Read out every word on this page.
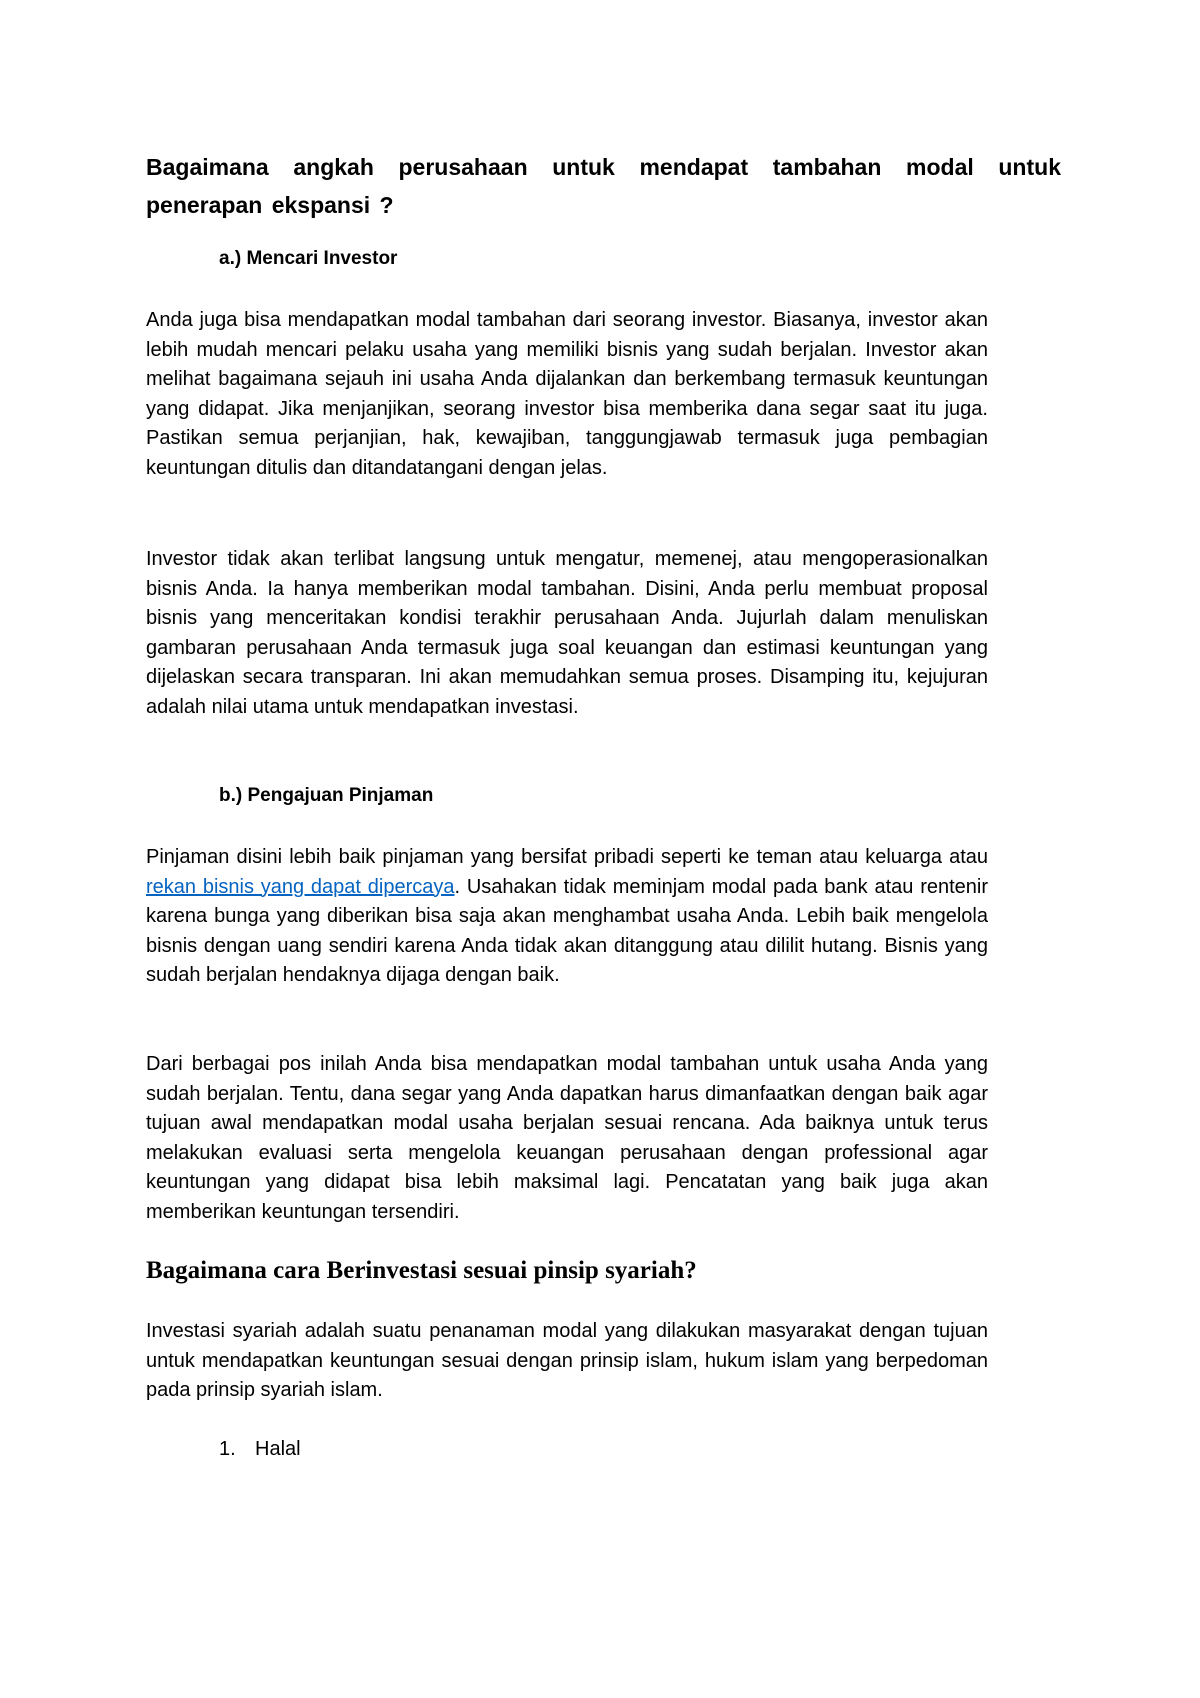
Bagaimana angkah perusahaan untuk mendapat tambahan modal untuk penerapan ekspansi ?
a.) Mencari Investor

Anda juga bisa mendapatkan modal tambahan dari seorang investor. Biasanya, investor akan lebih mudah mencari pelaku usaha yang memiliki bisnis yang sudah berjalan. Investor akan melihat bagaimana sejauh ini usaha Anda dijalankan dan berkembang termasuk keuntungan yang didapat. Jika menjanjikan, seorang investor bisa memberika dana segar saat itu juga. Pastikan semua perjanjian, hak, kewajiban, tanggungjawab termasuk juga pembagian keuntungan ditulis dan ditandatangani dengan jelas.

Investor tidak akan terlibat langsung untuk mengatur, memenej, atau mengoperasionalkan bisnis Anda. Ia hanya memberikan modal tambahan. Disini, Anda perlu membuat proposal bisnis yang menceritakan kondisi terakhir perusahaan Anda. Jujurlah dalam menuliskan gambaran perusahaan Anda termasuk juga soal keuangan dan estimasi keuntungan yang dijelaskan secara transparan. Ini akan memudahkan semua proses. Disamping itu, kejujuran adalah nilai utama untuk mendapatkan investasi.

b.) Pengajuan Pinjaman

Pinjaman disini lebih baik pinjaman yang bersifat pribadi seperti ke teman atau keluarga atau rekan bisnis yang dapat dipercaya. Usahakan tidak meminjam modal pada bank atau rentenir karena bunga yang diberikan bisa saja akan menghambat usaha Anda. Lebih baik mengelola bisnis dengan uang sendiri karena Anda tidak akan ditanggung atau dililit hutang. Bisnis yang sudah berjalan hendaknya dijaga dengan baik.

Dari berbagai pos inilah Anda bisa mendapatkan modal tambahan untuk usaha Anda yang sudah berjalan. Tentu, dana segar yang Anda dapatkan harus dimanfaatkan dengan baik agar tujuan awal mendapatkan modal usaha berjalan sesuai rencana. Ada baiknya untuk terus melakukan evaluasi serta mengelola keuangan perusahaan dengan professional agar keuntungan yang didapat bisa lebih maksimal lagi. Pencatatan yang baik juga akan memberikan keuntungan tersendiri.

Bagaimana cara Berinvestasi sesuai pinsip syariah?

Investasi syariah adalah suatu penanaman modal yang dilakukan masyarakat dengan tujuan untuk mendapatkan keuntungan sesuai dengan prinsip islam, hukum islam yang berpedoman pada prinsip syariah islam.

1. Halal
